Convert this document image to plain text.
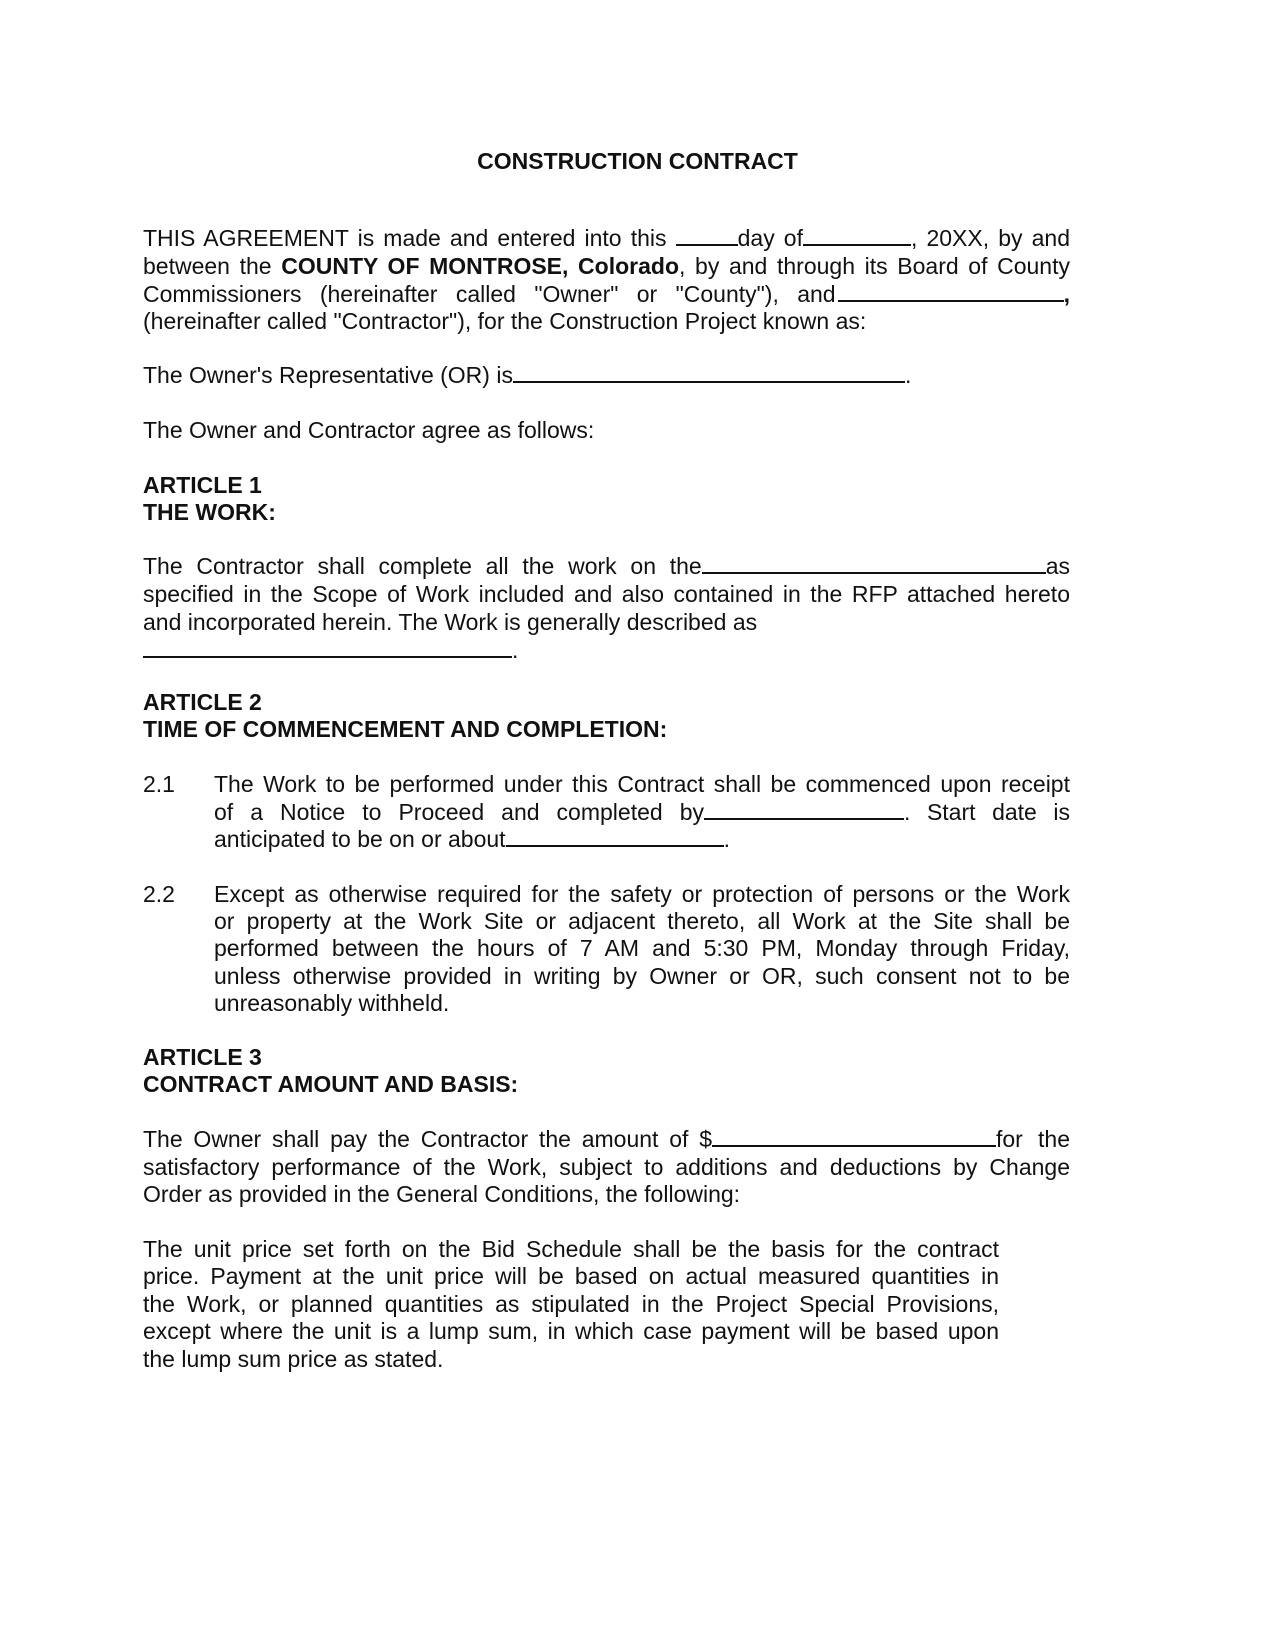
CONSTRUCTION CONTRACT
THIS AGREEMENT is made and entered into this	day of	, 20XX, by and
between the COUNTY OF MONTROSE, Colorado, by and through its Board of County
Commissioners (hereinafter called "Owner" or "County"), and	,
(hereinafter called "Contractor"), for the Construction Project known as:
The Owner's Representative (OR) is	.
The Owner and Contractor agree as follows:
ARTICLE 1
THE WORK:
The Contractor shall complete all the work on the	as
specified in the Scope of Work included and also contained in the RFP attached hereto
and incorporated herein. The Work is generally described as
.
ARTICLE 2
TIME OF COMMENCEMENT AND COMPLETION:
2.1 The Work to be performed under this Contract shall be commenced upon receipt
of a Notice to Proceed and completed by	. Start date is
anticipated to be on or about	.
2.2 Except as otherwise required for the safety or protection of persons or the Work
or property at the Work Site or adjacent thereto, all Work at the Site shall be
performed between the hours of 7 AM and 5:30 PM, Monday through Friday,
unless otherwise provided in writing by Owner or OR, such consent not to be
unreasonably withheld.
ARTICLE 3
CONTRACT AMOUNT AND BASIS:
The Owner shall pay the Contractor the amount of $	for the
satisfactory performance of the Work, subject to additions and deductions by Change
Order as provided in the General Conditions, the following:
The unit price set forth on the Bid Schedule shall be the basis for the contract
price. Payment at the unit price will be based on actual measured quantities in
the Work, or planned quantities as stipulated in the Project Special Provisions,
except where the unit is a lump sum, in which case payment will be based upon
the lump sum price as stated.
